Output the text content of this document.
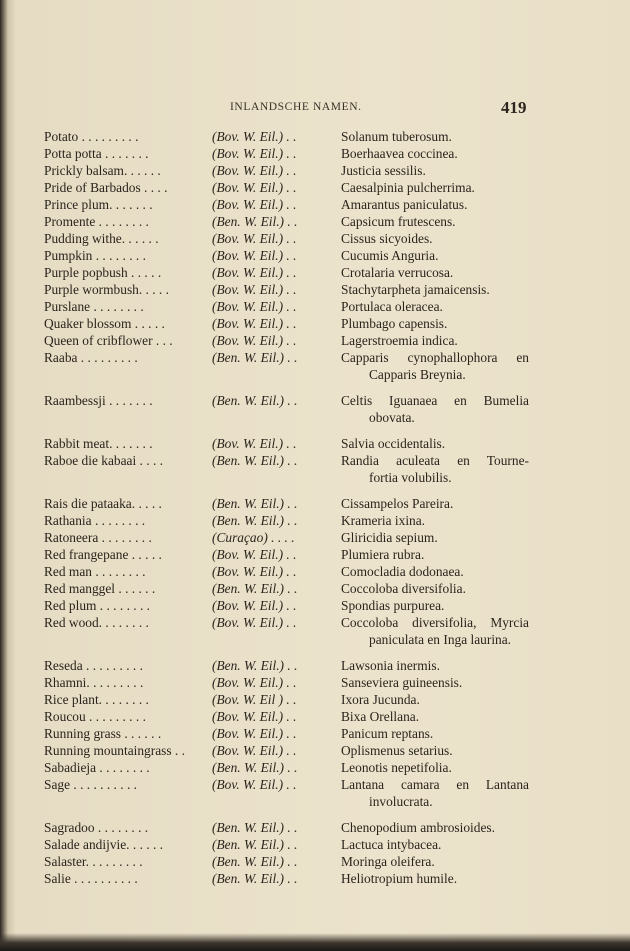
INLANDSCHE NAMEN.	419
Potato . . . . . . . . .	(Bov. W. Eil.) . .	Solanum tuberosum.
Potta potta . . . . . . .	(Bov. W. Eil.) . .	Boerhaavea coccinea.
Prickly balsam. . . . . .	(Bov. W. Eil.) . .	Justicia sessilis.
Pride of Barbados . . . .	(Bov. W. Eil.) . .	Caesalpinia pulcherrima.
Prince plum. . . . . . .	(Bov. W. Eil.) . .	Amarantus paniculatus.
Promente . . . . . . . .	(Ben. W. Eil.) . .	Capsicum frutescens.
Pudding withe. . . . . .	(Bov. W. Eil.) . .	Cissus sicyoides.
Pumpkin . . . . . . . .	(Bov. W. Eil.) . .	Cucumis Anguria.
Purple popbush . . . . .	(Bov. W. Eil.) . .	Crotalaria verrucosa.
Purple wormbush. . . . .	(Bov. W. Eil.) . .	Stachytarpheta jamaicensis.
Purslane . . . . . . . .	(Bov. W. Eil.) . .	Portulaca oleracea.
Quaker blossom . . . . .	(Bov. W. Eil.) . .	Plumbago capensis.
Queen of cribflower . . .	(Bov. W. Eil.) . .	Lagerstroemia indica.
Raaba . . . . . . . . .	(Ben. W. Eil.) . .	Capparis cynophallophora en
Capparis Breynia.
Raambessji . . . . . . .	(Ben. W. Eil.) . .	Celtis Iguanaea en Bumelia
obovata.
Rabbit meat. . . . . . .	(Bov. W. Eil.) . .	Salvia occidentalis.
Raboe die kabaai . . . .	(Ben. W. Eil.) . .	Randia aculeata en Tourne-
fortia volubilis.
Rais die pataaka. . . . .	(Ben. W. Eil.) . .	Cissampelos Pareira.
Rathania . . . . . . . .	(Ben. W. Eil.) . .	Krameria ixina.
Ratoneera . . . . . . . .	(Curaçao) . . . .	Gliricidia sepium.
Red frangepane . . . . .	(Bov. W. Eil.) . .	Plumiera rubra.
Red man . . . . . . . .	(Bov. W. Eil.) . .	Comocladia dodonaea.
Red manggel . . . . . .	(Ben. W. Eil.) . .	Coccoloba diversifolia.
Red plum . . . . . . . .	(Bov. W. Eil.) . .	Spondias purpurea.
Red wood. . . . . . . .	(Bov. W. Eil.) . .	Coccoloba diversifolia, Myrcia
paniculata en Inga laurina.
Reseda . . . . . . . . .	(Ben. W. Eil.) . .	Lawsonia inermis.
Rhamni. . . . . . . . .	(Bov. W. Eil.) . .	Sanseviera guineensis.
Rice plant. . . . . . . .	(Bov. W. Eil ) . .	Ixora Jucunda.
Roucou . . . . . . . . .	(Bov. W. Eil.) . .	Bixa Orellana.
Running grass . . . . . .	(Bov. W. Eil.) . .	Panicum reptans.
Running mountaingrass . . (Bov. W. Eil.) . .	Oplismenus setarius.
Sabadieja . . . . . . . .	(Ben. W. Eil.) . .	Leonotis nepetifolia.
Sage . . . . . . . . . .	(Bov. W. Eil.) . .	Lantana camara en Lantana
involucrata.
Sagradoo . . . . . . . .	(Ben. W. Eil.) . .	Chenopodium ambrosioides.
Salade andijvie. . . . . .	(Ben. W. Eil.) . .	Lactuca intybacea.
Salaster. . . . . . . . .	(Ben. W. Eil.) . .	Moringa oleifera.
Salie . . . . . . . . . .	(Ben. W. Eil.) . .	Heliotropium humile.
